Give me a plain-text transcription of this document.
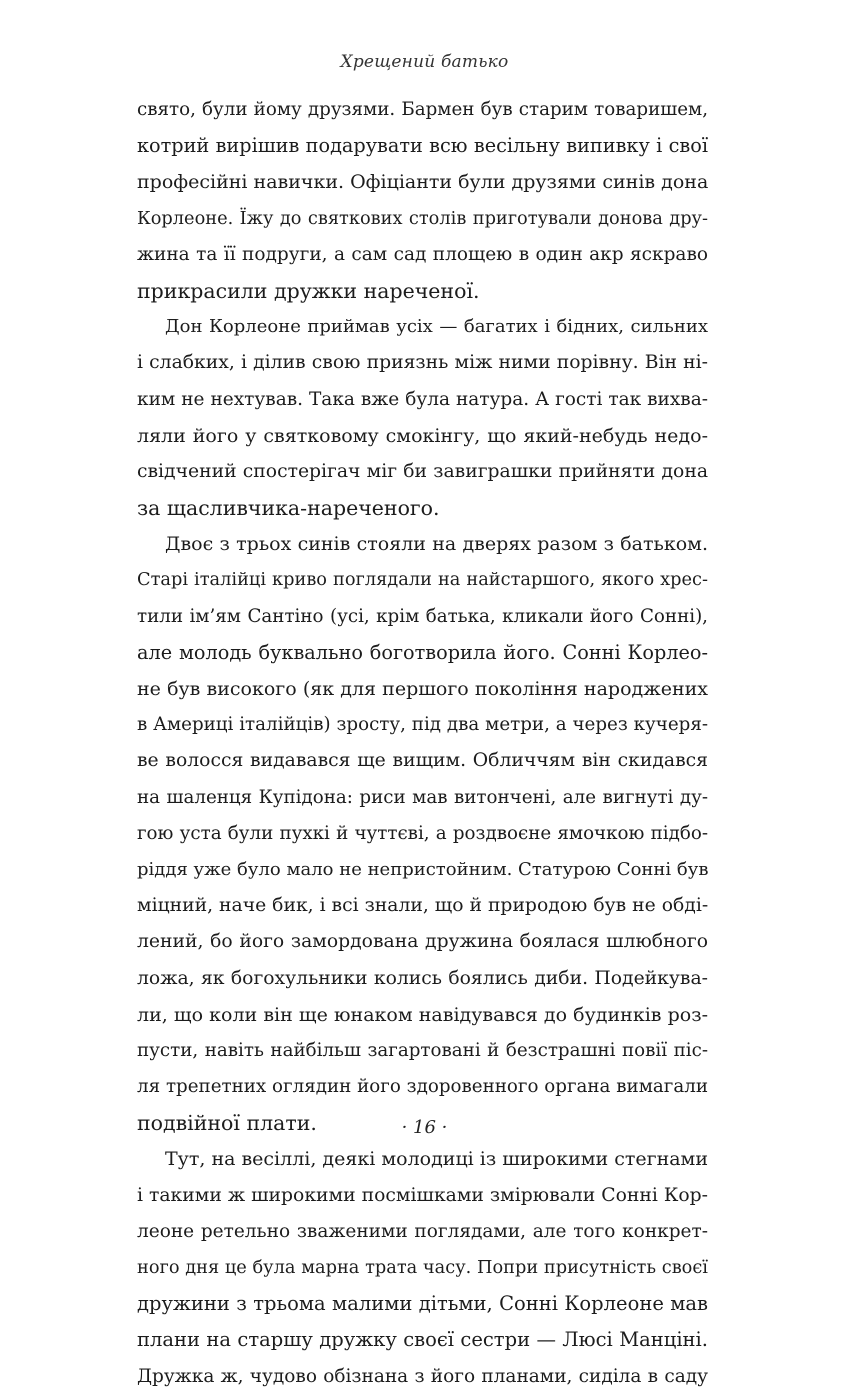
Хрещений батько
свято, були йому друзями. Бармен був старим товаришем,
котрий вирішив подарувати всю весільну випивку і свої
професійні навички. Офіціанти були друзями синів дона
Корлеоне. Їжу до святкових столів приготували донова дру-
жина та її подруги, а сам сад площею в один акр яскраво
прикрасили дружки нареченої.
Дон Корлеоне приймав усіх — багатих і бідних, сильних
і слабких, і ділив свою приязнь між ними порівну. Він ні-
ким не нехтував. Така вже була натура. А гості так вихва-
ляли його у святковому смокінгу, що який-небудь недо-
свідчений спостерігач міг би завиграшки прийняти дона
за щасливчика-нареченого.
Двоє з трьох синів стояли на дверях разом з батьком.
Старі італійці криво поглядали на найстаршого, якого хрес-
тили ім’ям Сантіно (усі, крім батька, кликали його Сонні),
але молодь буквально боготворила його. Сонні Корлео-
не був високого (як для першого покоління народжених
в Америці італійців) зросту, під два метри, а через кучеря-
ве волосся видавався ще вищим. Обличчям він скидався
на шаленця Купідона: риси мав витончені, але вигнуті ду-
гою уста були пухкі й чуттєві, а роздвоєне ямочкою підбо-
ріддя уже було мало не непристойним. Статурою Сонні був
міцний, наче бик, і всі знали, що й природою був не обді-
лений, бо його замордована дружина боялася шлюбного
ложа, як богохульники колись боялись диби. Подейкува-
ли, що коли він ще юнаком навідувався до будинків роз-
пусти, навіть найбільш загартовані й безстрашні повії піс-
ля трепетних оглядин його здоровенного органа вимагали
подвійної плати.
Тут, на весіллі, деякі молодиці із широкими стегнами
і такими ж широкими посмішками змірювали Сонні Кор-
леоне ретельно зваженими поглядами, але того конкрет-
ного дня це була марна трата часу. Попри присутність своєї
дружини з трьома малими дітьми, Сонні Корлеоне мав
плани на старшу дружку своєї сестри — Люсі Манціні.
Дружка ж, чудово обізнана з його планами, сиділа в саду
· 16 ·
